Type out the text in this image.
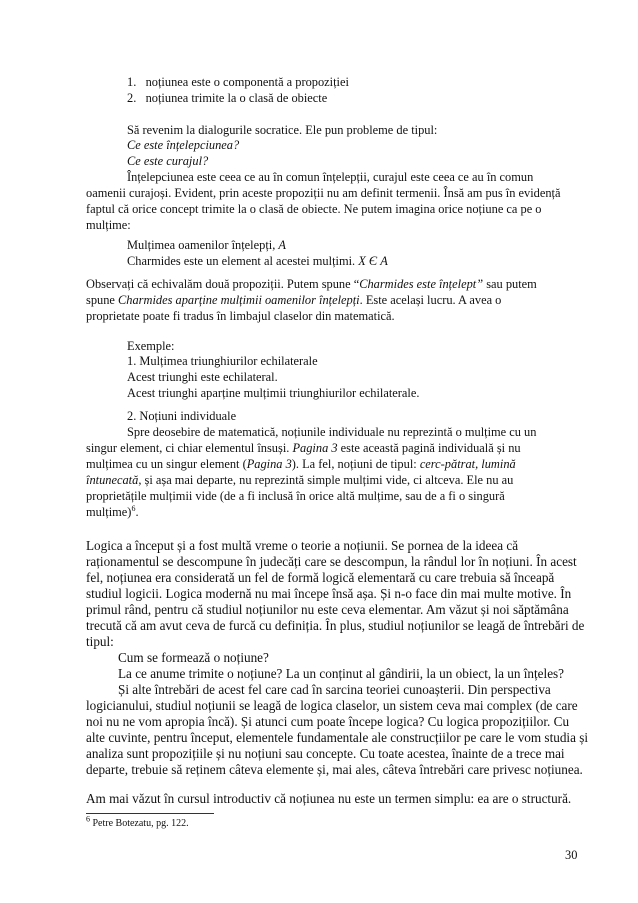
1. noțiunea este o componentă a propoziției
2. noțiunea trimite la o clasă de obiecte
Să revenim la dialogurile socratice. Ele pun probleme de tipul:
Ce este înțelepciunea?
Ce este curajul?
Înțelepciunea este ceea ce au în comun înțelepții, curajul este ceea ce au în comun
oamenii curajoși. Evident, prin aceste propoziții nu am definit termenii. Însă am pus în evidență
faptul că orice concept trimite la o clasă de obiecte. Ne putem imagina orice noțiune ca pe o
mulțime:
Mulțimea oamenilor înțelepți, A
Charmides este un element al acestei mulțimi. X Є A
Observați că echivalăm două propoziții. Putem spune “Charmides este înțelept” sau putem
spune Charmides aparține mulțimii oamenilor înțelepți. Este același lucru. A avea o
proprietate poate fi tradus în limbajul claselor din matematică.
Exemple:
1. Mulțimea triunghiurilor echilaterale
Acest triunghi este echilateral.
Acest triunghi aparține mulțimii triunghiurilor echilaterale.
2. Noțiuni individuale
Spre deosebire de matematică, noțiunile individuale nu reprezintă o mulțime cu un
singur element, ci chiar elementul însuși. Pagina 3 este această pagină individuală și nu
mulțimea cu un singur element (Pagina 3). La fel, noțiuni de tipul: cerc-pătrat, lumină
întunecată, și așa mai departe, nu reprezintă simple mulțimi vide, ci altceva. Ele nu au
proprietățile mulțimii vide (de a fi inclusă în orice altă mulțime, sau de a fi o singură
mulțime)$^6$.
Logica a început și a fost multă vreme o teorie a noțiunii. Se pornea de la ideea că
raționamentul se descompune în judecăți care se descompun, la rândul lor în noțiuni. În acest
fel, noțiunea era considerată un fel de formă logică elementară cu care trebuia să înceapă
studiul logicii. Logica modernă nu mai începe însă așa. Și n-o face din mai multe motive. În
primul rând, pentru că studiul noțiunilor nu este ceva elementar. Am văzut și noi săptămâna
trecută că am avut ceva de furcă cu definiția. În plus, studiul noțiunilor se leagă de întrebări de
tipul:
Cum se formează o noțiune?
La ce anume trimite o noțiune? La un conținut al gândirii, la un obiect, la un înțeles?
Și alte întrebări de acest fel care cad în sarcina teoriei cunoașterii. Din perspectiva
logicianului, studiul noțiunii se leagă de logica claselor, un sistem ceva mai complex (de care
noi nu ne vom apropia încă). Și atunci cum poate începe logica? Cu logica propozițiilor. Cu
alte cuvinte, pentru început, elementele fundamentale ale construcțiilor pe care le vom studia și
analiza sunt propozițiile și nu noțiuni sau concepte. Cu toate acestea, înainte de a trece mai
departe, trebuie să reținem câteva elemente și, mai ales, câteva întrebări care privesc noțiunea.
Am mai văzut în cursul introductiv că noțiunea nu este un termen simplu: ea are o structură.
$^6$ Petre Botezatu, pg. 122.
30
